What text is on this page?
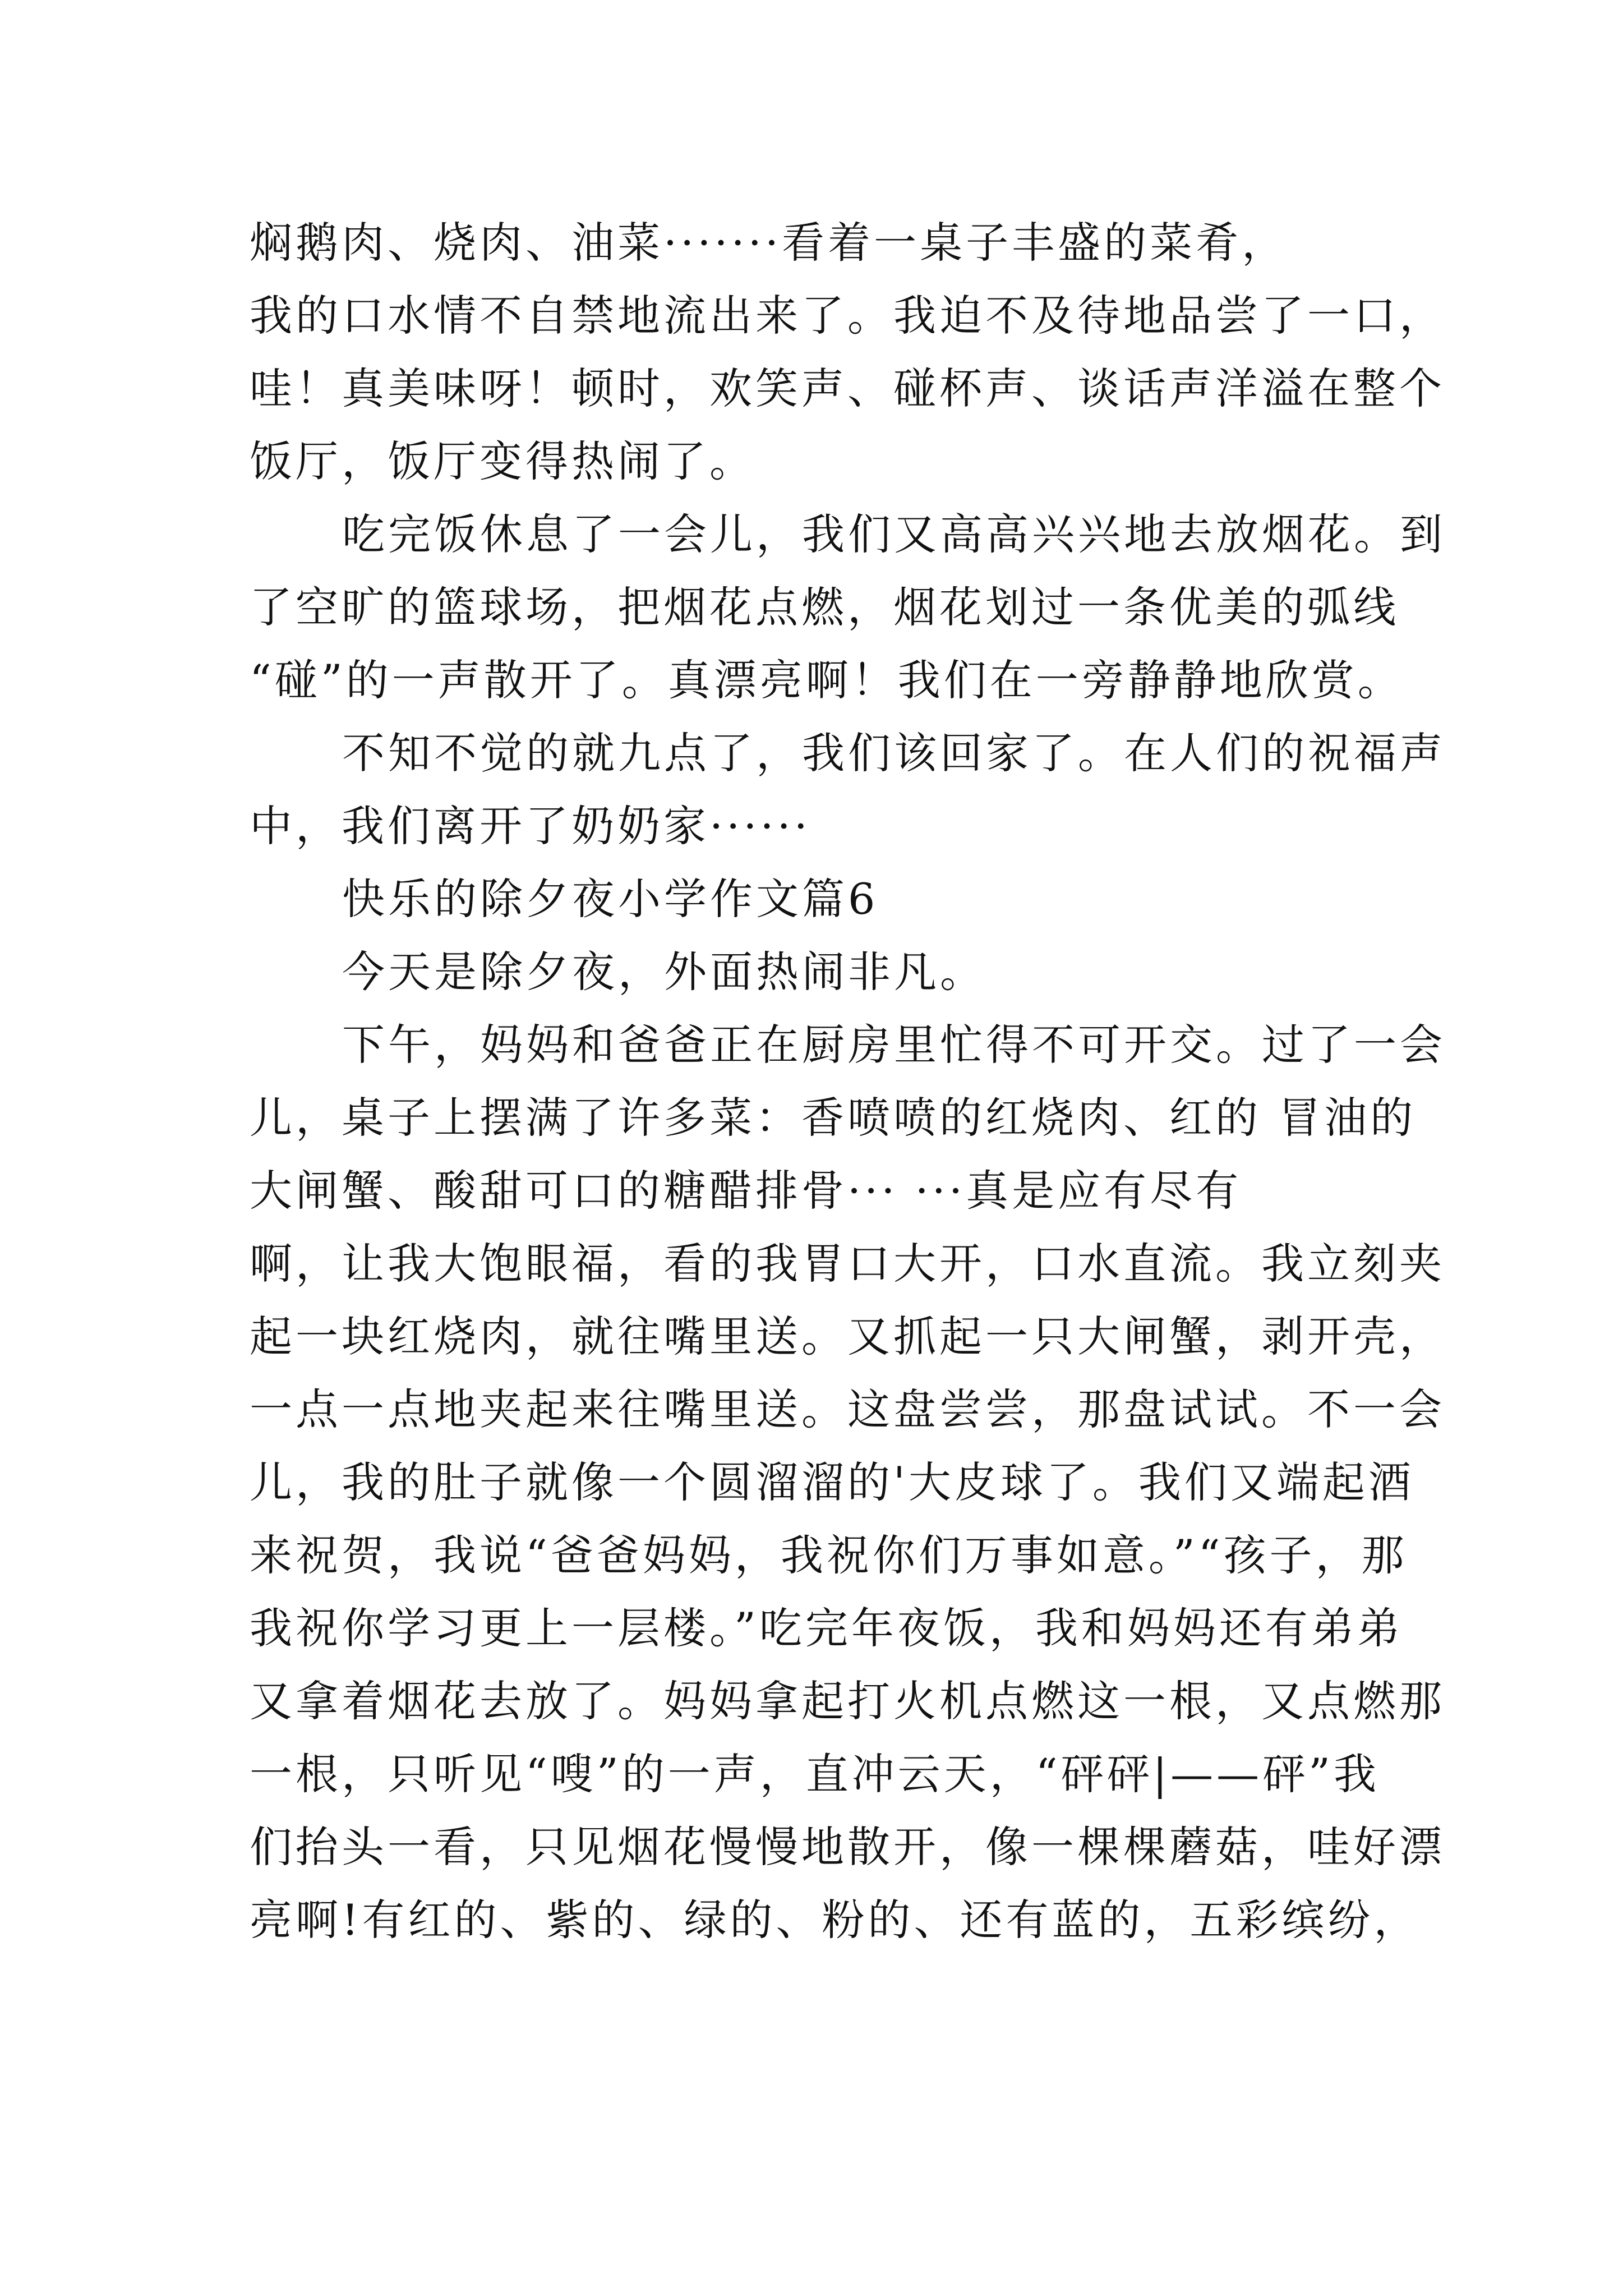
焖鹅肉、烧肉、油菜·······看着一桌子丰盛的菜肴，
我的口水情不自禁地流出来了。我迫不及待地品尝了一口，
哇！真美味呀！顿时，欢笑声、碰杯声、谈话声洋溢在整个
饭厅，饭厅变得热闹了。
吃完饭休息了一会儿，我们又高高兴兴地去放烟花。到
了空旷的篮球场，把烟花点燃，烟花划过一条优美的弧线
“碰”的一声散开了。真漂亮啊！我们在一旁静静地欣赏。
不知不觉的就九点了，我们该回家了。在人们的祝福声
中，我们离开了奶奶家······
快乐的除夕夜小学作文篇6
今天是除夕夜，外面热闹非凡。
下午，妈妈和爸爸正在厨房里忙得不可开交。过了一会
儿，桌子上摆满了许多菜：香喷喷的红烧肉、红的 冒油的
大闸蟹、酸甜可口的糖醋排骨··· ···真是应有尽有
啊，让我大饱眼福，看的我胃口大开，口水直流。我立刻夹
起一块红烧肉，就往嘴里送。又抓起一只大闸蟹，剥开壳，
一点一点地夹起来往嘴里送。这盘尝尝，那盘试试。不一会
儿，我的肚子就像一个圆溜溜的'大皮球了。我们又端起酒
来祝贺，我说“爸爸妈妈，我祝你们万事如意。”“孩子，那
我祝你学习更上一层楼。”吃完年夜饭，我和妈妈还有弟弟
又拿着烟花去放了。妈妈拿起打火机点燃这一根，又点燃那
一根，只听见“嗖”的一声，直冲云天，“砰砰|——砰”我
们抬头一看，只见烟花慢慢地散开，像一棵棵蘑菇，哇好漂
亮啊!有红的、紫的、绿的、粉的、还有蓝的，五彩缤纷，
